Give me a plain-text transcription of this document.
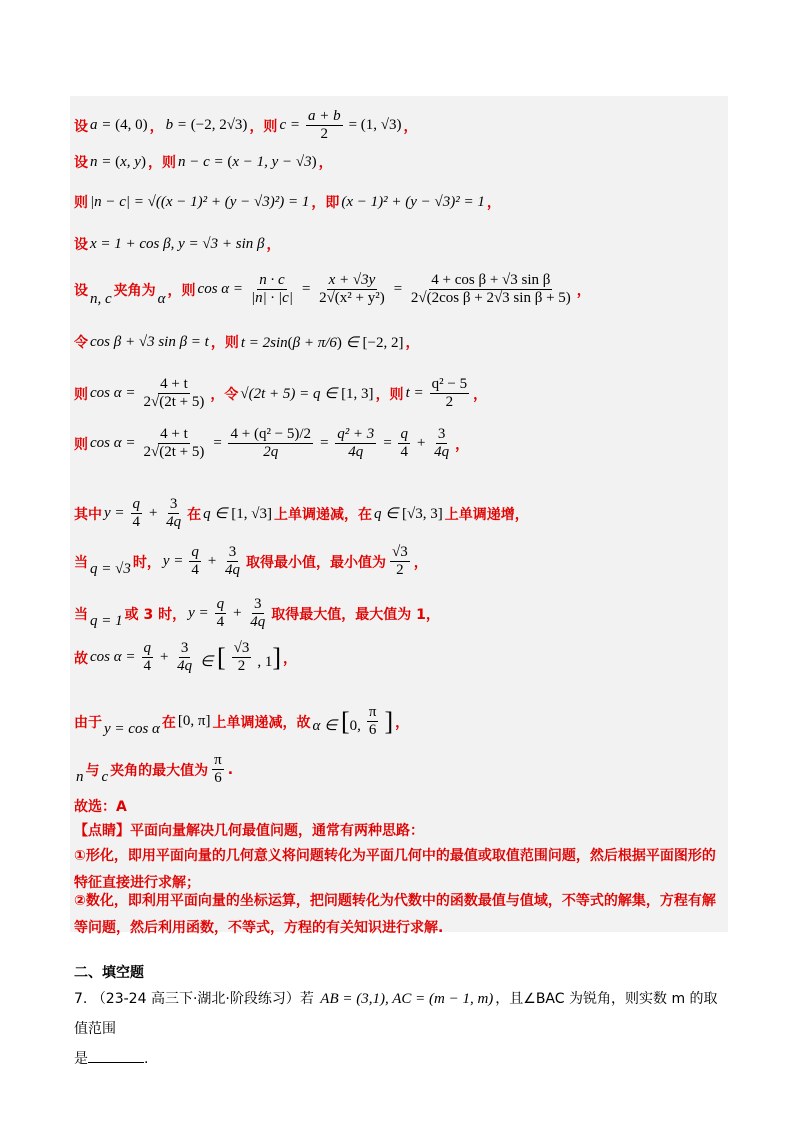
设 a = (4, 0) ， b = (−2, 2√3) ，则 $c = \frac{a + b}{2} = (1$, √3) ，
设 n = (x, y) ，则 n − c = (x − 1, y − √3) ，
则 |n − c| = √((x − 1)² + (y − √3)²) = 1 ，即 (x − 1)² + (y − √3)² = 1 ，
设 x = 1 + cos β, y = √3 + sin β ，
设
n, c
夹角为
α
，则 $\cos \alpha = \frac{n \cdot c}{|n| \cdot |c|} = \frac{x + √3y}{\text{2√(x² + y²)}} = \frac{\text{4 + cos β + √3 sin β}}{\text{2√(2cos β + 2√3 sin β + 5)}}$ ，
令 cos β + √3 sin β = t ，则 t = 2sin(β + π/6) ∈ [−2, 2] ，
则 $\cos \alpha = \frac{4 + t}{2√(2t + 5)}$ ，令 √(2t + 5) = q ∈ [1, 3] ，则 $t = \frac{\text{q² − 5}}{2}$ ，
则 $\cos \alpha = \frac{4 + t}{2√(2t + 5)} = \frac{\text{4 + (q² − 5)/2}}{2q} = \frac{\text{q² + 3}}{4q} = \frac{q}{4} + \frac{3}{4q}$ ，
其中 $y = \frac{q}{4} + \frac{3}{4q}$ 在 q ∈ [1, √3] 上单调递减，在 q ∈ [√3, 3] 上单调递增，
当 q = √3 时， $y = \frac{q}{4} + \frac{3}{4q}$ 取得最小值，最小值为 $\frac{√3}{2}$ ，
当 q = 1 或 3 时， $y = \frac{q}{4} + \frac{3}{4q}$ 取得最大值，最大值为 1，
故 $\cos \alpha = \frac{q}{4} + \frac{3}{4q}$ ∈ [ $\frac{√3}{2}$ , 1] ，
由于 y = cos α 在 [0, π] 上单调递减，故 α ∈ [0, $\frac{\pi}{6}$ ] ，
n 与 c 夹角的最大值为 $\frac{\pi}{6}$ .
故选：A
【点睛】平面向量解决几何最值问题，通常有两种思路：
①形化，即用平面向量的几何意义将问题转化为平面几何中的最值或取值范围问题，然后根据平面图形的特征直接进行求解；
②数化，即利用平面向量的坐标运算，把问题转化为代数中的函数最值与值域，不等式的解集，方程有解等问题，然后利用函数，不等式，方程的有关知识进行求解.
二、填空题
7. （23-24 高三下·湖北·阶段练习）若 AB = (3,1), AC = (m − 1, m) ，且∠BAC 为锐角，则实数 m 的取值范围
是	.
